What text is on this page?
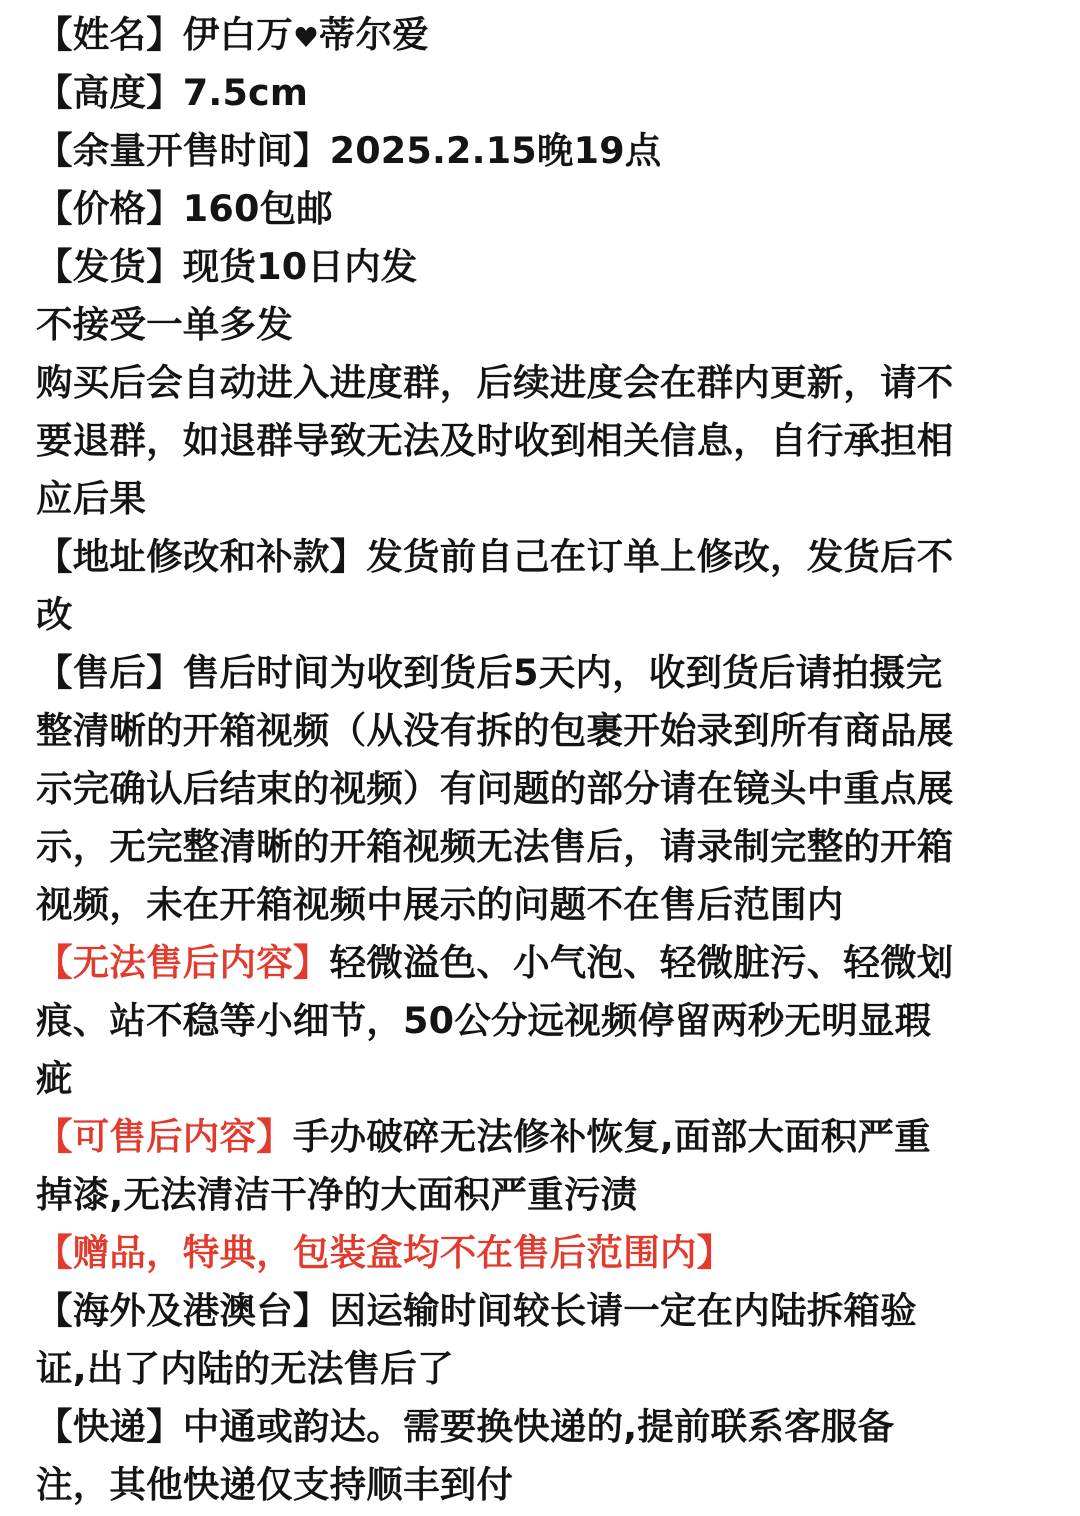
【姓名】伊白万 蒂尔爱
【高度】7.5cm
【余量开售时间】2025.2.15晚19点
【价格】160包邮
【发货】现货10日内发
不接受一单多发
购买后会自动进入进度群，后续进度会在群内更新，请不
要退群，如退群导致无法及时收到相关信息，自行承担相
应后果
【地址修改和补款】发货前自己在订单上修改，发货后不
改
【售后】售后时间为收到货后5天内，收到货后请拍摄完
整清晰的开箱视频（从没有拆的包裹开始录到所有商品展
示完确认后结束的视频）有问题的部分请在镜头中重点展
示，无完整清晰的开箱视频无法售后，请录制完整的开箱
视频，未在开箱视频中展示的问题不在售后范围内
【无法售后内容】轻微溢色、小气泡、轻微脏污、轻微划
痕、站不稳等小细节，50公分远视频停留两秒无明显瑕
疵
【可售后内容】手办破碎无法修补恢复,面部大面积严重
掉漆,无法清洁干净的大面积严重污渍
【赠品，特典，包装盒均不在售后范围内】
【海外及港澳台】因运输时间较长请一定在内陆拆箱验
证,出了内陆的无法售后了
【快递】中通或韵达。需要换快递的,提前联系客服备
注，其他快递仅支持顺丰到付
